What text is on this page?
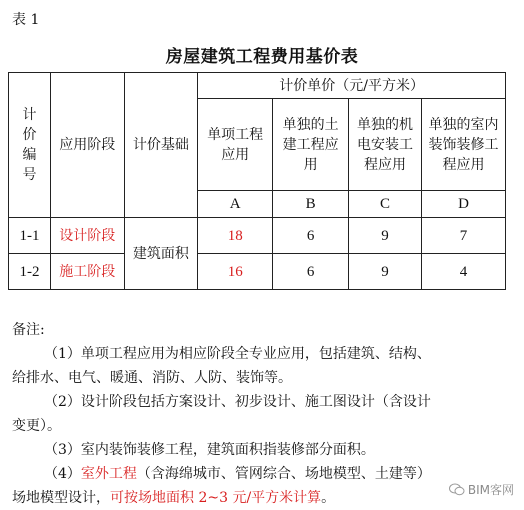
表 1
房屋建筑工程费用基价表
计价编号	应用阶段	计价基础	计价单价（元/平方米）			

			单项工程应用	单独的土建工程应用	单独的机电安装工程应用	单独的室内装饰装修工程应用

			A	B	C	D
1-1	设计阶段	建筑面积	18	6	9	7
1-2	施工阶段		16	6	9	4

备注:

（1）单项工程应用为相应阶段全专业应用，包括建筑、结构、

给排水、电气、暖通、消防、人防、装饰等。

（2）设计阶段包括方案设计、初步设计、施工图设计（含设计

变更）。

（3）室内装饰装修工程，建筑面积指装修部分面积。

（4）室外工程（含海绵城市、管网综合、场地模型、土建等）

场地模型设计，可按场地面积 2~3 元/平方米计算。	BIM客网
